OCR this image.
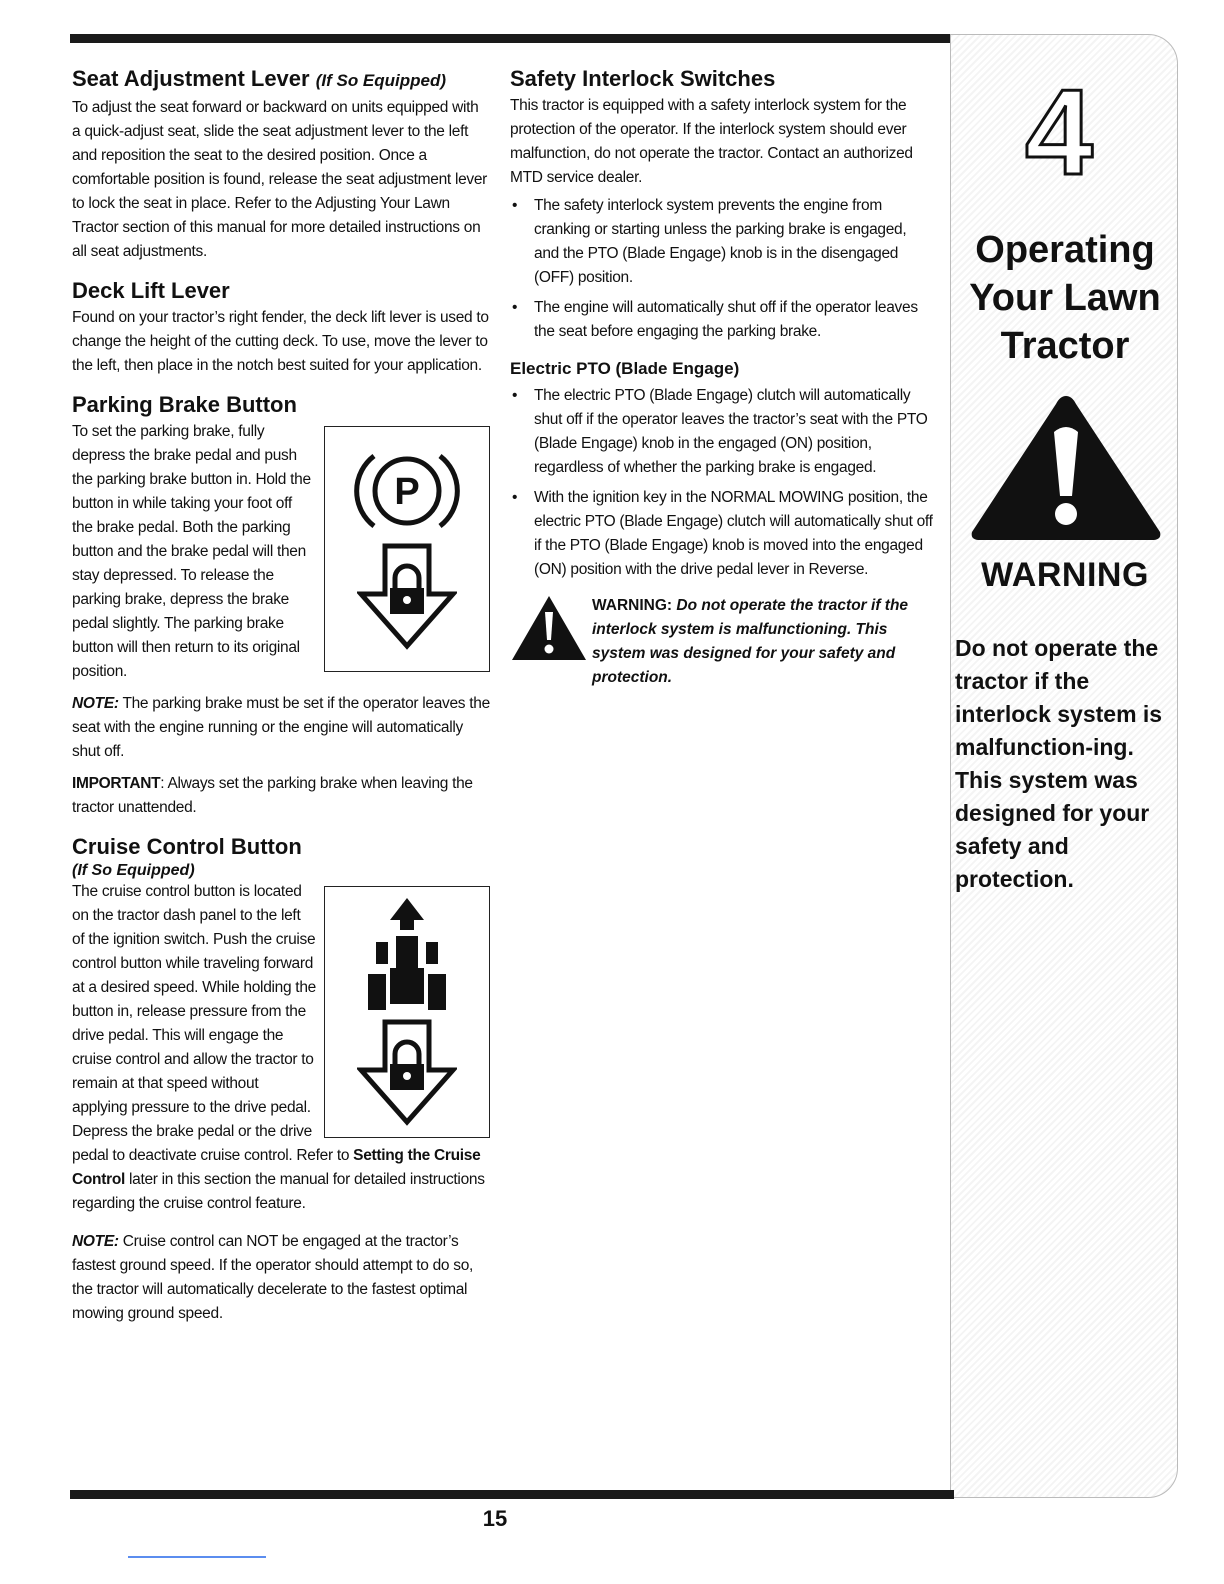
Seat Adjustment Lever (If So Equipped)

To adjust the seat forward or backward on units equipped with a quick-adjust seat, slide the seat adjustment lever to the left and reposition the seat to the desired position. Once a comfortable position is found, release the seat adjustment lever to lock the seat in place. Refer to the Adjusting Your Lawn Tractor section of this manual for more detailed instructions on all seat adjustments.

Deck Lift Lever

Found on your tractor’s right fender, the deck lift lever is used to change the height of the cutting deck. To use, move the lever to the left, then place in the notch best suited for your application.

Parking Brake Button
P

To set the parking brake, fully depress the brake pedal and push the parking brake button in. Hold the button in while taking your foot off the brake pedal. Both the parking button and the brake pedal will then stay depressed. To release the parking brake, depress the brake pedal slightly. The parking brake button will then return to its original position.

NOTE: The parking brake must be set if the operator leaves the seat with the engine running or the engine will automatically shut off.

IMPORTANT: Always set the parking brake when leaving the tractor unattended.

Cruise Control Button
(If So Equipped)

The cruise control button is located on the tractor dash panel to the left of the ignition switch. Push the cruise control button while traveling forward at a desired speed. While holding the button in, release pressure from the drive pedal. This will engage the cruise control and allow the tractor to remain at that speed without applying pressure to the drive pedal. Depress the brake pedal or the drive pedal to deactivate cruise control. Refer to Setting the Cruise Control later in this section the manual for detailed instructions regarding the cruise control feature.

NOTE: Cruise control can NOT be engaged at the tractor’s fastest ground speed. If the operator should attempt to do so, the tractor will automatically decelerate to the fastest optimal mowing ground speed.

Safety Interlock Switches

This tractor is equipped with a safety interlock system for the protection of the operator. If the interlock system should ever malfunction, do not operate the tractor. Contact an authorized MTD service dealer.

• The safety interlock system prevents the engine from cranking or starting unless the parking brake is engaged, and the PTO (Blade Engage) knob is in the disengaged (OFF) position.
• The engine will automatically shut off if the operator leaves the seat before engaging the parking brake.
Electric PTO (Blade Engage)
• The electric PTO (Blade Engage) clutch will automatically shut off if the operator leaves the tractor’s seat with the PTO (Blade Engage) knob in the engaged (ON) position, regardless of whether the parking brake is engaged.
• With the ignition key in the NORMAL MOWING position, the electric PTO (Blade Engage) clutch will automatically shut off if the PTO (Blade Engage) knob is moved into the engaged (ON) position with the drive pedal lever in Reverse.

WARNING: Do not operate the tractor if the interlock system is malfunctioning. This system was designed for your safety and protection.

4
Operating
Your Lawn
Tractor
WARNING
Do not operate the tractor if the interlock system is malfunction-ing. This system was designed for your safety and protection.
15
